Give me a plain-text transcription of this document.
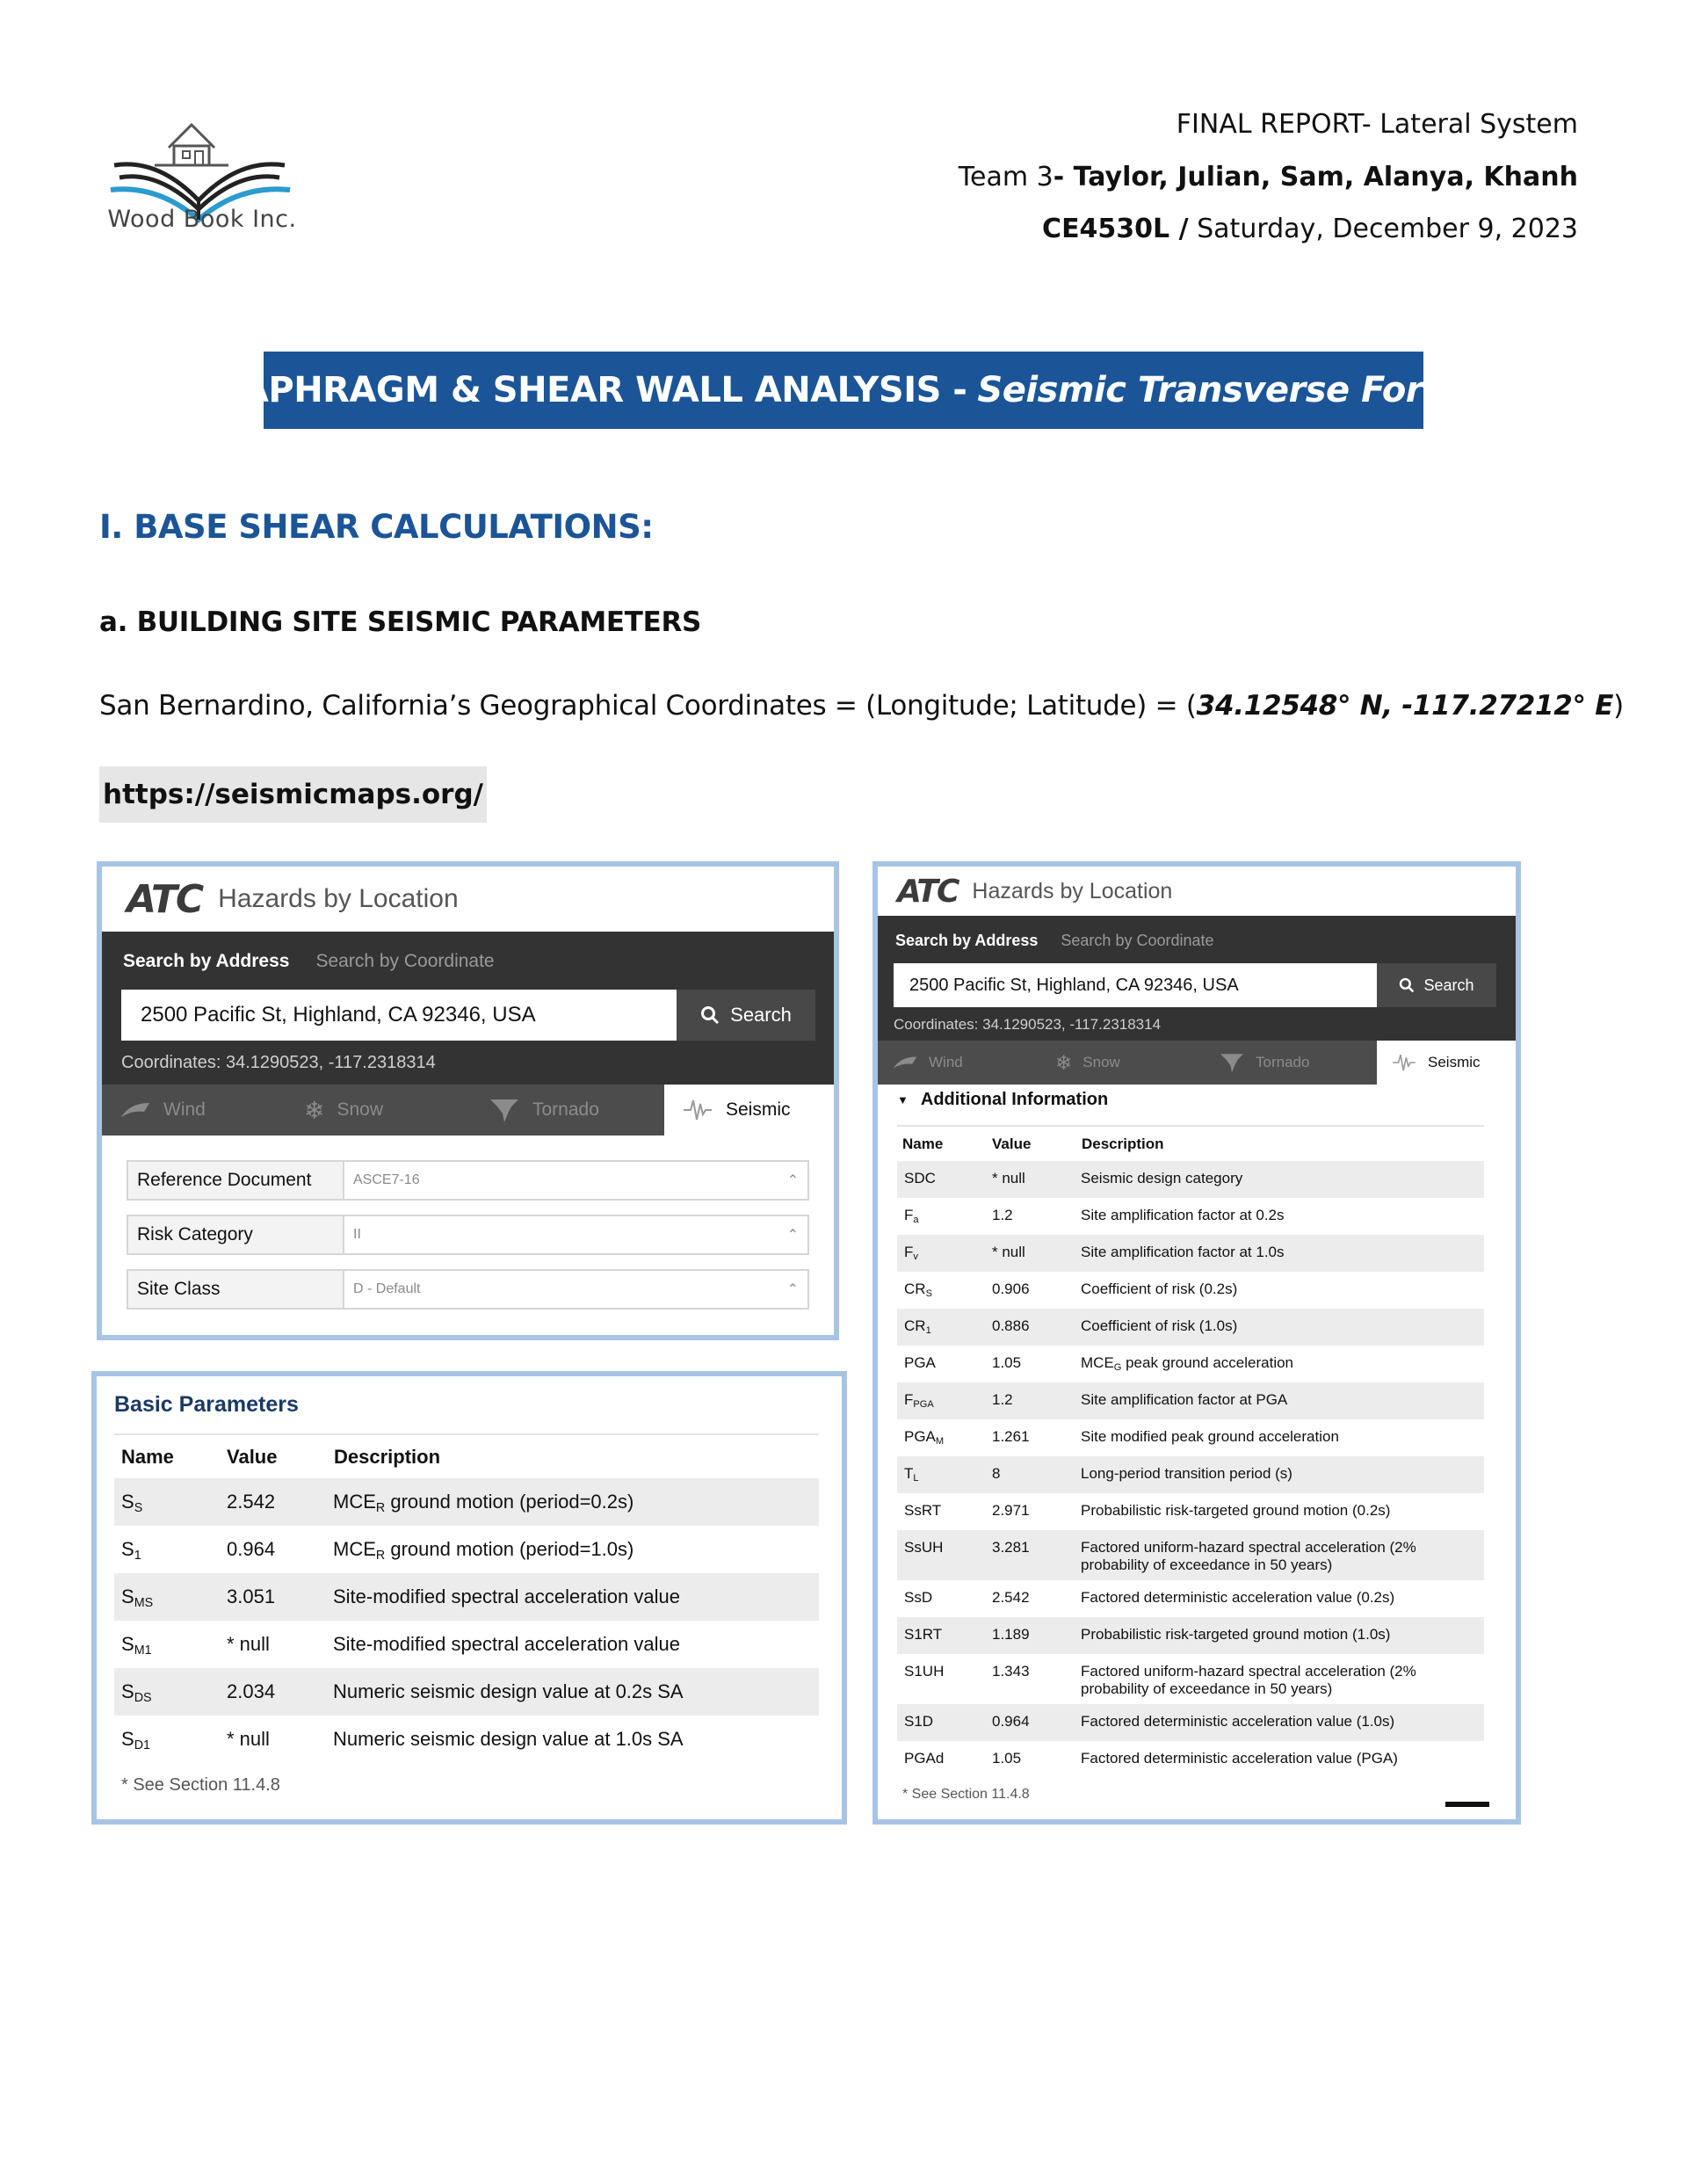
Wood Book Inc.
FINAL REPORT- Lateral System
Team 3- Taylor, Julian, Sam, Alanya, Khanh
CE4530L / Saturday, December 9, 2023
DIAPHRAGM & SHEAR WALL ANALYSIS - Seismic Transverse Forces
I. BASE SHEAR CALCULATIONS:
a. BUILDING SITE SEISMIC PARAMETERS
San Bernardino, California’s Geographical Coordinates = (Longitude; Latitude) = (34.12548° N, -117.27212° E)
https://seismicmaps.org/
ATC Hazards by Location
Search by Address Search by Coordinate
2500 Pacific St, Highland, CA 92346, USA	Search
Coordinates: 34.1290523, -117.2318314
Wind	❄ Snow	Tornado	Seismic
Reference Document	ASCE7-16	⌃
Risk Category	II	⌃
Site Class	D - Default	⌃
Basic Parameters
Name	Value	Description
$S_S$	2.542	$MCE_R$ ground motion (period=0.2s)
$S_1$	0.964	$MCE_R$ ground motion (period=1.0s)
$S_{MS}$	3.051	Site-modified spectral acceleration value
$S_{M1}$	* null	Site-modified spectral acceleration value
$S_{DS}$	2.034	Numeric seismic design value at 0.2s SA
$S_{D1}$	* null	Numeric seismic design value at 1.0s SA
* See Section 11.4.8
ATC Hazards by Location
Search by Address Search by Coordinate
2500 Pacific St, Highland, CA 92346, USA	Search
Coordinates: 34.1290523, -117.2318314
Wind	❄ Snow	Tornado	Seismic
▼ Additional Information
Name	Value	Description
SDC	* null	Seismic design category
$F_a$	1.2	Site amplification factor at 0.2s
$F_v$	* null	Site amplification factor at 1.0s
$CR_S$	0.906	Coefficient of risk (0.2s)
$CR_1$	0.886	Coefficient of risk (1.0s)
PGA	1.05	$MCE_G$ peak ground acceleration
$F_{PGA}$	1.2	Site amplification factor at PGA
$PGA_M$	1.261	Site modified peak ground acceleration
$T_L$	8	Long-period transition period (s)
SsRT	2.971	Probabilistic risk-targeted ground motion (0.2s)
SsUH	3.281	Factored uniform-hazard spectral acceleration (2% probability of exceedance in 50 years)
SsD	2.542	Factored deterministic acceleration value (0.2s)
S1RT	1.189	Probabilistic risk-targeted ground motion (1.0s)
S1UH	1.343	Factored uniform-hazard spectral acceleration (2% probability of exceedance in 50 years)
S1D	0.964	Factored deterministic acceleration value (1.0s)
PGAd	1.05	Factored deterministic acceleration value (PGA)
* See Section 11.4.8
